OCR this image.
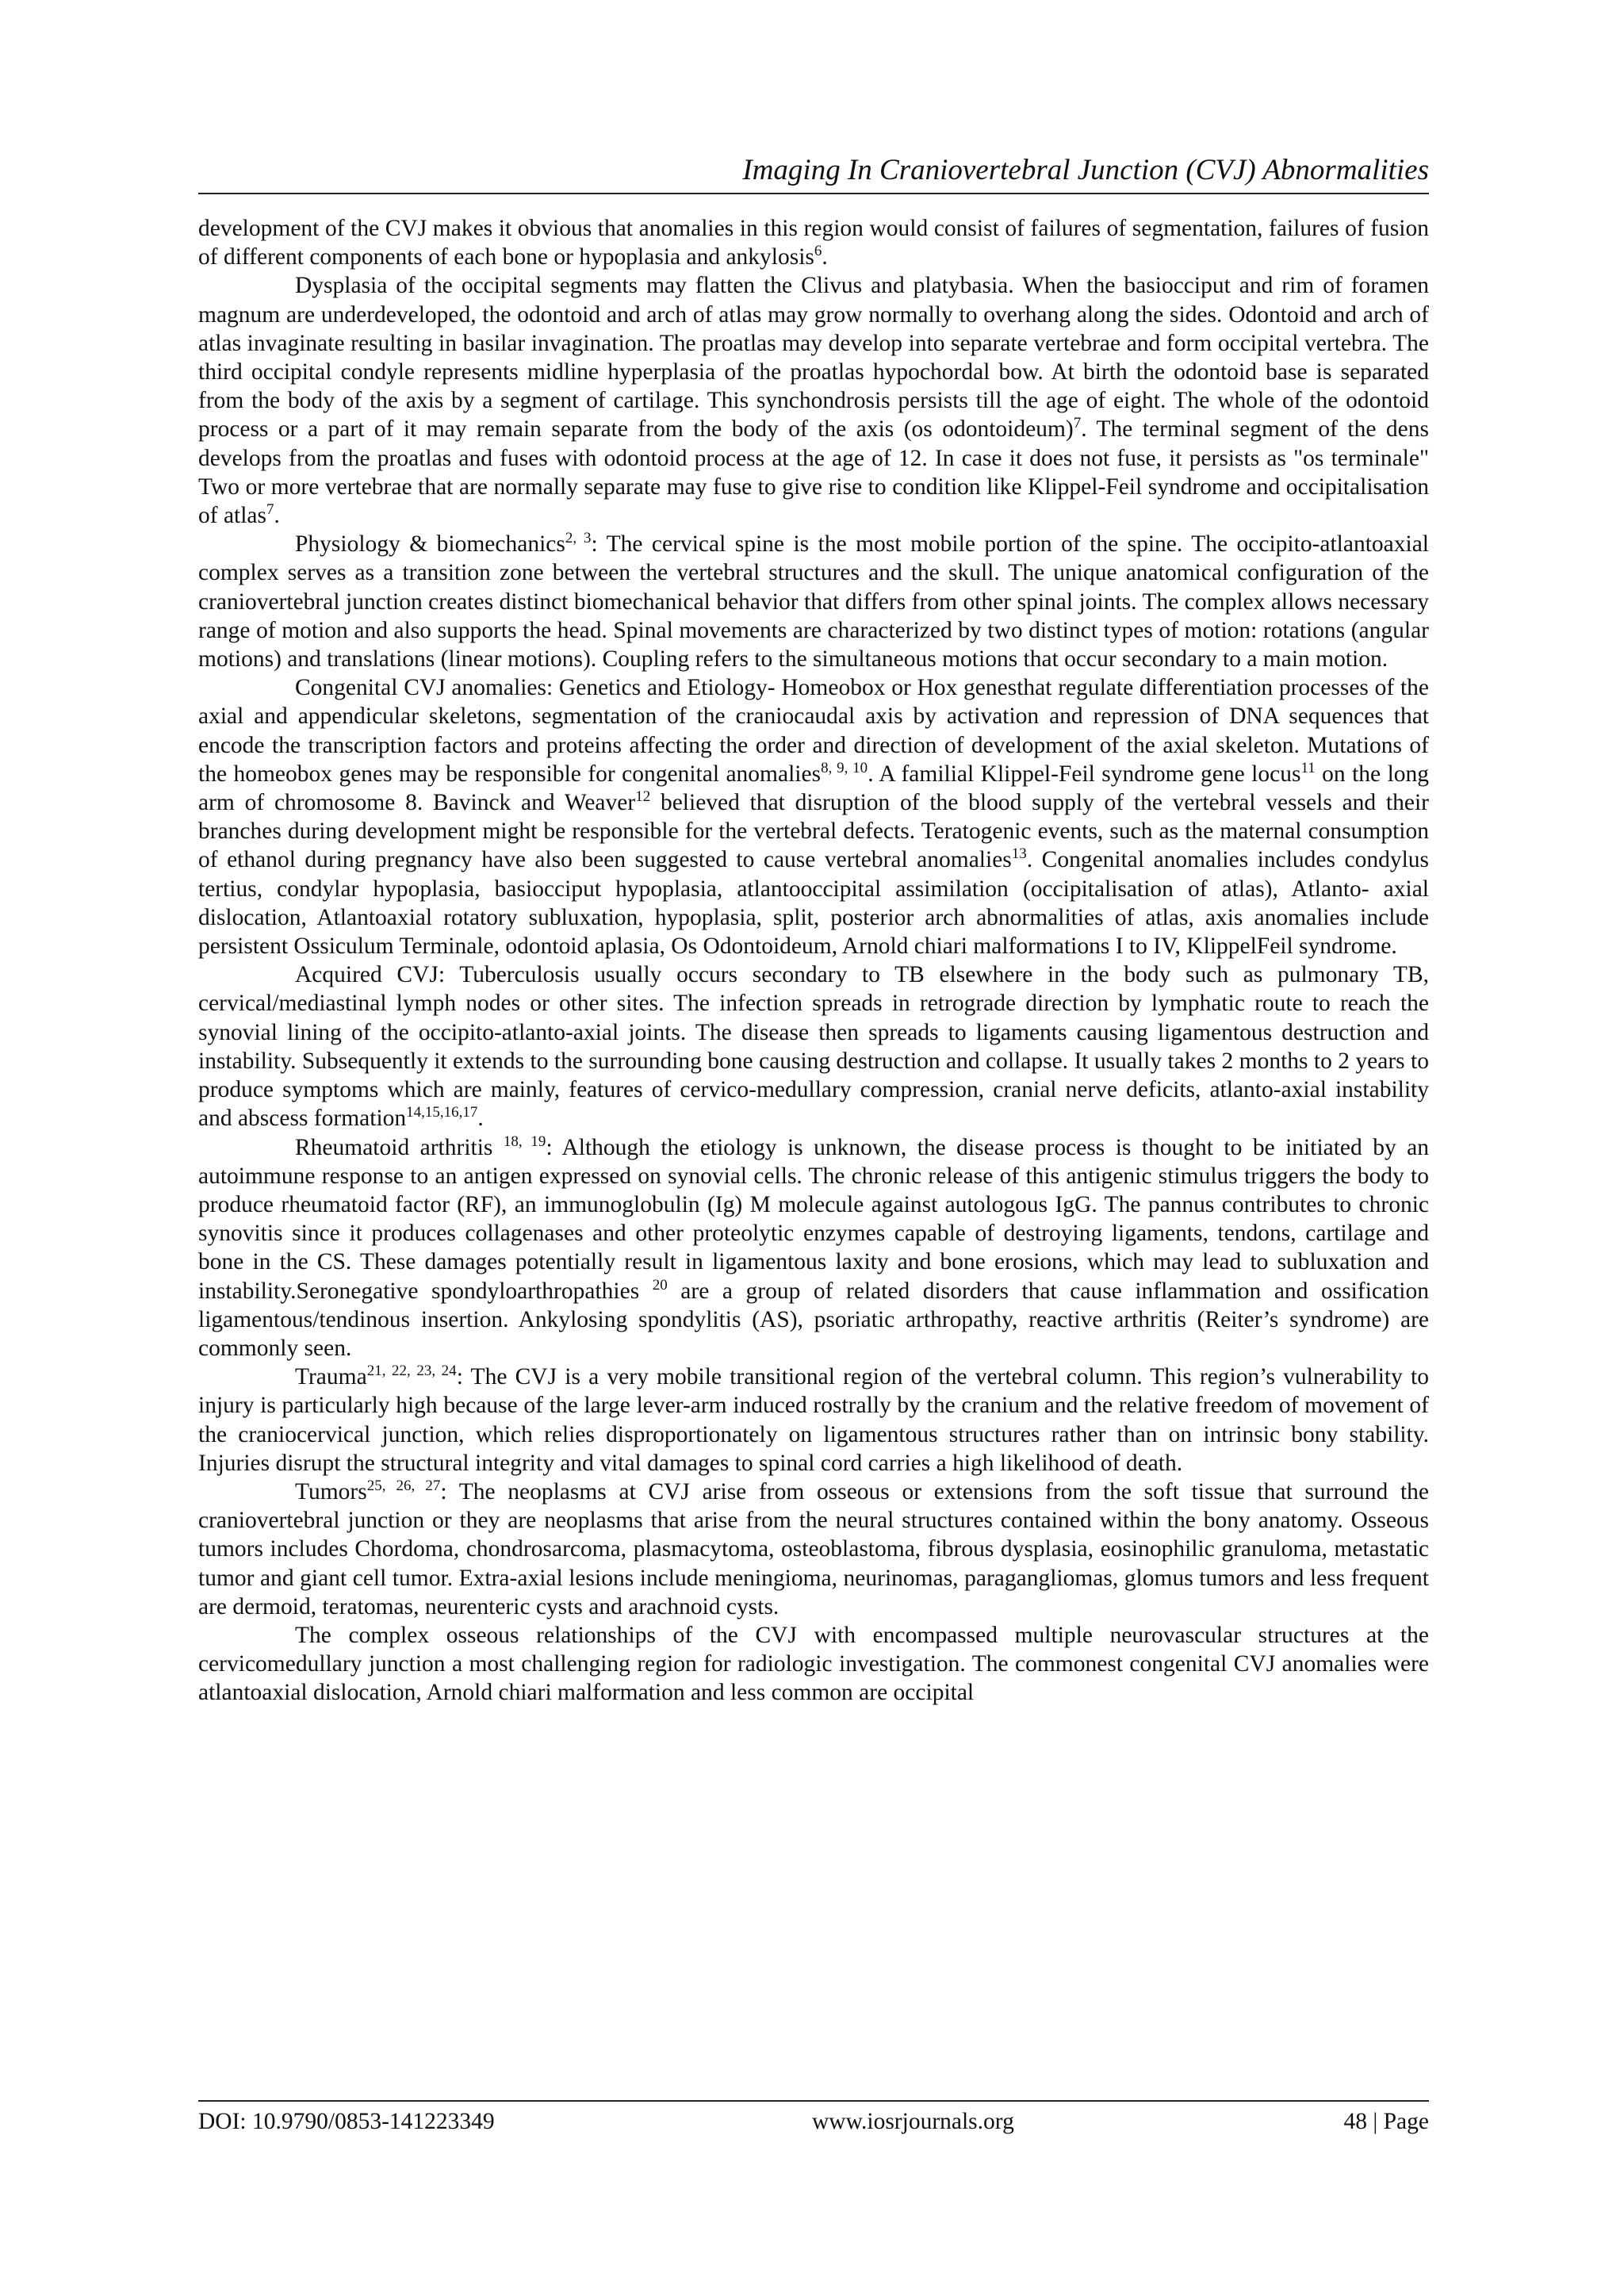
Imaging In Craniovertebral Junction (CVJ) Abnormalities

development of the CVJ makes it obvious that anomalies in this region would consist of failures of segmentation, failures of fusion of different components of each bone or hypoplasia and ankylosis$^6$.

Dysplasia of the occipital segments may flatten the Clivus and platybasia. When the basiocciput and rim of foramen magnum are underdeveloped, the odontoid and arch of atlas may grow normally to overhang along the sides. Odontoid and arch of atlas invaginate resulting in basilar invagination. The proatlas may develop into separate vertebrae and form occipital vertebra. The third occipital condyle represents midline hyperplasia of the proatlas hypochordal bow. At birth the odontoid base is separated from the body of the axis by a segment of cartilage. This synchondrosis persists till the age of eight. The whole of the odontoid process or a part of it may remain separate from the body of the axis (os odontoideum)$^7$. The terminal segment of the dens develops from the proatlas and fuses with odontoid process at the age of 12. In case it does not fuse, it persists as "os terminale" Two or more vertebrae that are normally separate may fuse to give rise to condition like Klippel-Feil syndrome and occipitalisation of atlas$^7$.

Physiology & biomechanics$^{2, 3}$: The cervical spine is the most mobile portion of the spine. The occipito-atlantoaxial complex serves as a transition zone between the vertebral structures and the skull. The unique anatomical configuration of the craniovertebral junction creates distinct biomechanical behavior that differs from other spinal joints. The complex allows necessary range of motion and also supports the head. Spinal movements are characterized by two distinct types of motion: rotations (angular motions) and translations (linear motions). Coupling refers to the simultaneous motions that occur secondary to a main motion.

Congenital CVJ anomalies: Genetics and Etiology- Homeobox or Hox genesthat regulate differentiation processes of the axial and appendicular skeletons, segmentation of the craniocaudal axis by activation and repression of DNA sequences that encode the transcription factors and proteins affecting the order and direction of development of the axial skeleton. Mutations of the homeobox genes may be responsible for congenital anomalies$^{8, 9, 10}$. A familial Klippel-Feil syndrome gene locus$^{11}$ on the long arm of chromosome 8. Bavinck and Weaver$^{12}$ believed that disruption of the blood supply of the vertebral vessels and their branches during development might be responsible for the vertebral defects. Teratogenic events, such as the maternal consumption of ethanol during pregnancy have also been suggested to cause vertebral anomalies$^{13}$. Congenital anomalies includes condylus tertius, condylar hypoplasia, basiocciput hypoplasia, atlantooccipital assimilation (occipitalisation of atlas), Atlanto- axial dislocation, Atlantoaxial rotatory subluxation, hypoplasia, split, posterior arch abnormalities of atlas, axis anomalies include persistent Ossiculum Terminale, odontoid aplasia, Os Odontoideum, Arnold chiari malformations I to IV, KlippelFeil syndrome.

Acquired CVJ: Tuberculosis usually occurs secondary to TB elsewhere in the body such as pulmonary TB, cervical/mediastinal lymph nodes or other sites. The infection spreads in retrograde direction by lymphatic route to reach the synovial lining of the occipito-atlanto-axial joints. The disease then spreads to ligaments causing ligamentous destruction and instability. Subsequently it extends to the surrounding bone causing destruction and collapse. It usually takes 2 months to 2 years to produce symptoms which are mainly, features of cervico-medullary compression, cranial nerve deficits, atlanto-axial instability and abscess formation$^{14,15,16,17}$.

Rheumatoid arthritis $^{18, 19}$: Although the etiology is unknown, the disease process is thought to be initiated by an autoimmune response to an antigen expressed on synovial cells. The chronic release of this antigenic stimulus triggers the body to produce rheumatoid factor (RF), an immunoglobulin (Ig) M molecule against autologous IgG. The pannus contributes to chronic synovitis since it produces collagenases and other proteolytic enzymes capable of destroying ligaments, tendons, cartilage and bone in the CS. These damages potentially result in ligamentous laxity and bone erosions, which may lead to subluxation and instability.Seronegative spondyloarthropathies $^{20}$ are a group of related disorders that cause inflammation and ossification ligamentous/tendinous insertion. Ankylosing spondylitis (AS), psoriatic arthropathy, reactive arthritis (Reiter’s syndrome) are commonly seen.

Trauma$^{21, 22, 23, 24}$: The CVJ is a very mobile transitional region of the vertebral column. This region’s vulnerability to injury is particularly high because of the large lever-arm induced rostrally by the cranium and the relative freedom of movement of the craniocervical junction, which relies disproportionately on ligamentous structures rather than on intrinsic bony stability. Injuries disrupt the structural integrity and vital damages to spinal cord carries a high likelihood of death.

Tumors$^{25, 26, 27}$: The neoplasms at CVJ arise from osseous or extensions from the soft tissue that surround the craniovertebral junction or they are neoplasms that arise from the neural structures contained within the bony anatomy. Osseous tumors includes Chordoma, chondrosarcoma, plasmacytoma, osteoblastoma, fibrous dysplasia, eosinophilic granuloma, metastatic tumor and giant cell tumor. Extra-axial lesions include meningioma, neurinomas, paragangliomas, glomus tumors and less frequent are dermoid, teratomas, neurenteric cysts and arachnoid cysts.

The complex osseous relationships of the CVJ with encompassed multiple neurovascular structures at the cervicomedullary junction a most challenging region for radiologic investigation. The commonest congenital CVJ anomalies were atlantoaxial dislocation, Arnold chiari malformation and less common are occipital

DOI: 10.9790/0853-141223349	www.iosrjournals.org	48 | Page
